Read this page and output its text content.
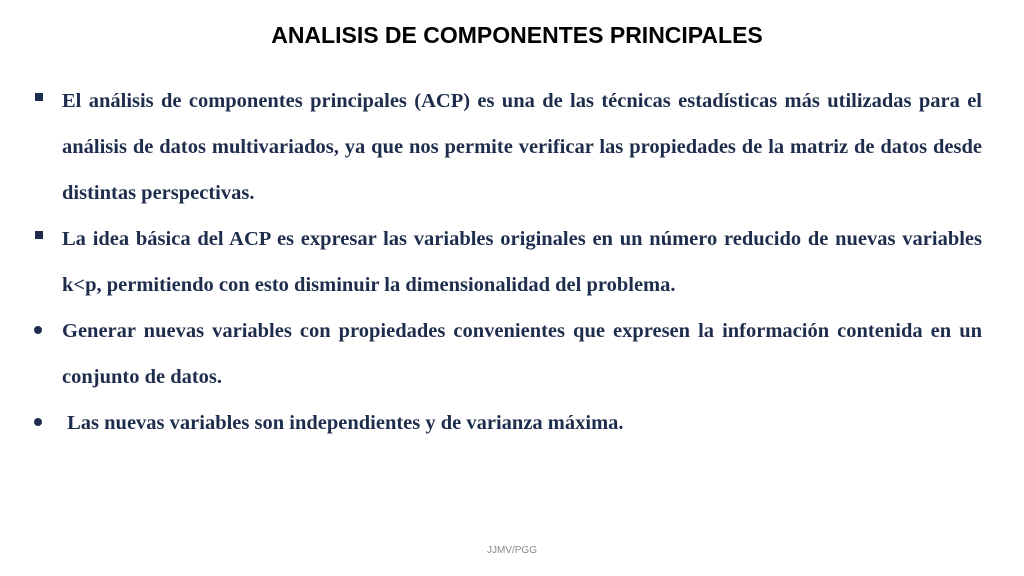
ANALISIS DE COMPONENTES PRINCIPALES
El análisis de componentes principales (ACP) es una de las técnicas estadísticas más utilizadas para el análisis de datos multivariados, ya que nos permite verificar las propiedades de la matriz de datos desde distintas perspectivas.
La idea básica del ACP es expresar las variables originales en un número reducido de nuevas variables k<p, permitiendo con esto disminuir la dimensionalidad del problema.
Generar nuevas variables con propiedades convenientes que expresen la información contenida en un conjunto de datos.
Las nuevas variables son independientes y de varianza máxima.
JJMV/PGG
